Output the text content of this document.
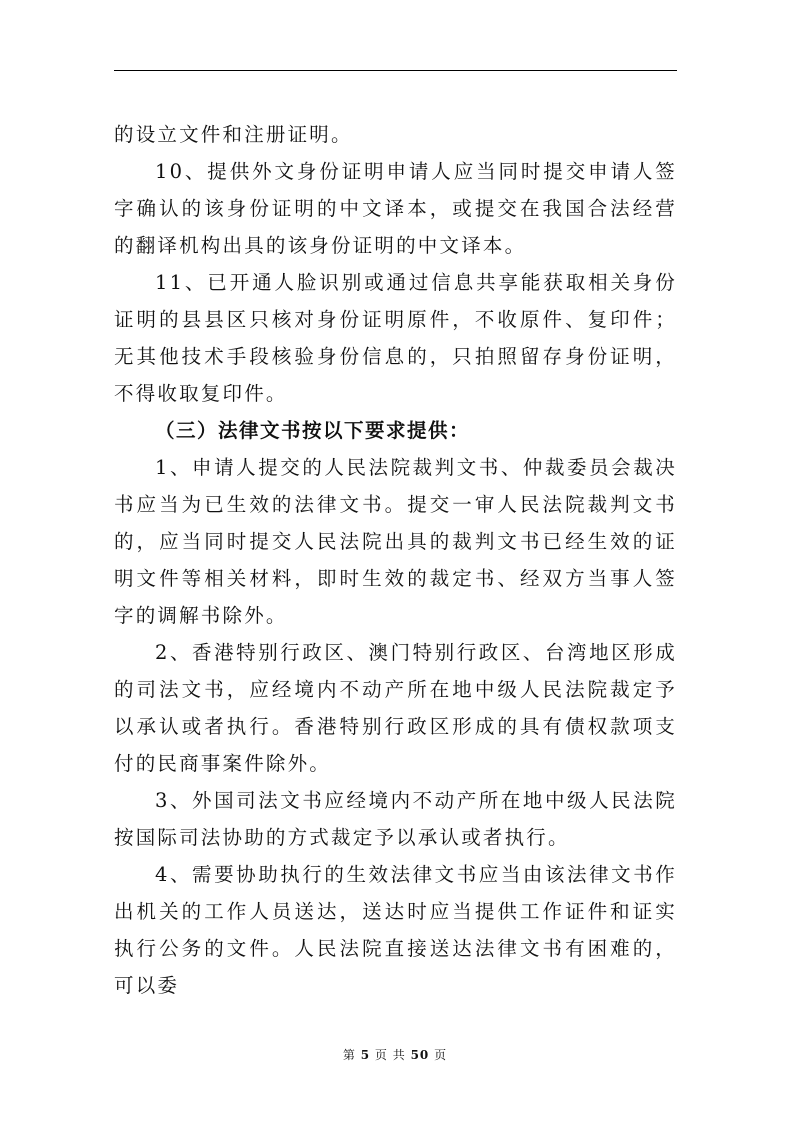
的设立文件和注册证明。

10、提供外文身份证明申请人应当同时提交申请人签字确认的该身份证明的中文译本，或提交在我国合法经营的翻译机构出具的该身份证明的中文译本。

11、已开通人脸识别或通过信息共享能获取相关身份证明的县县区只核对身份证明原件，不收原件、复印件；无其他技术手段核验身份信息的，只拍照留存身份证明，不得收取复印件。

（三）法律文书按以下要求提供：

1、申请人提交的人民法院裁判文书、仲裁委员会裁决书应当为已生效的法律文书。提交一审人民法院裁判文书的，应当同时提交人民法院出具的裁判文书已经生效的证明文件等相关材料，即时生效的裁定书、经双方当事人签字的调解书除外。

2、香港特别行政区、澳门特别行政区、台湾地区形成的司法文书，应经境内不动产所在地中级人民法院裁定予以承认或者执行。香港特别行政区形成的具有债权款项支付的民商事案件除外。

3、外国司法文书应经境内不动产所在地中级人民法院按国际司法协助的方式裁定予以承认或者执行。

4、需要协助执行的生效法律文书应当由该法律文书作出机关的工作人员送达，送达时应当提供工作证件和证实执行公务的文件。人民法院直接送达法律文书有困难的，可以委

第 5 页 共 50 页
